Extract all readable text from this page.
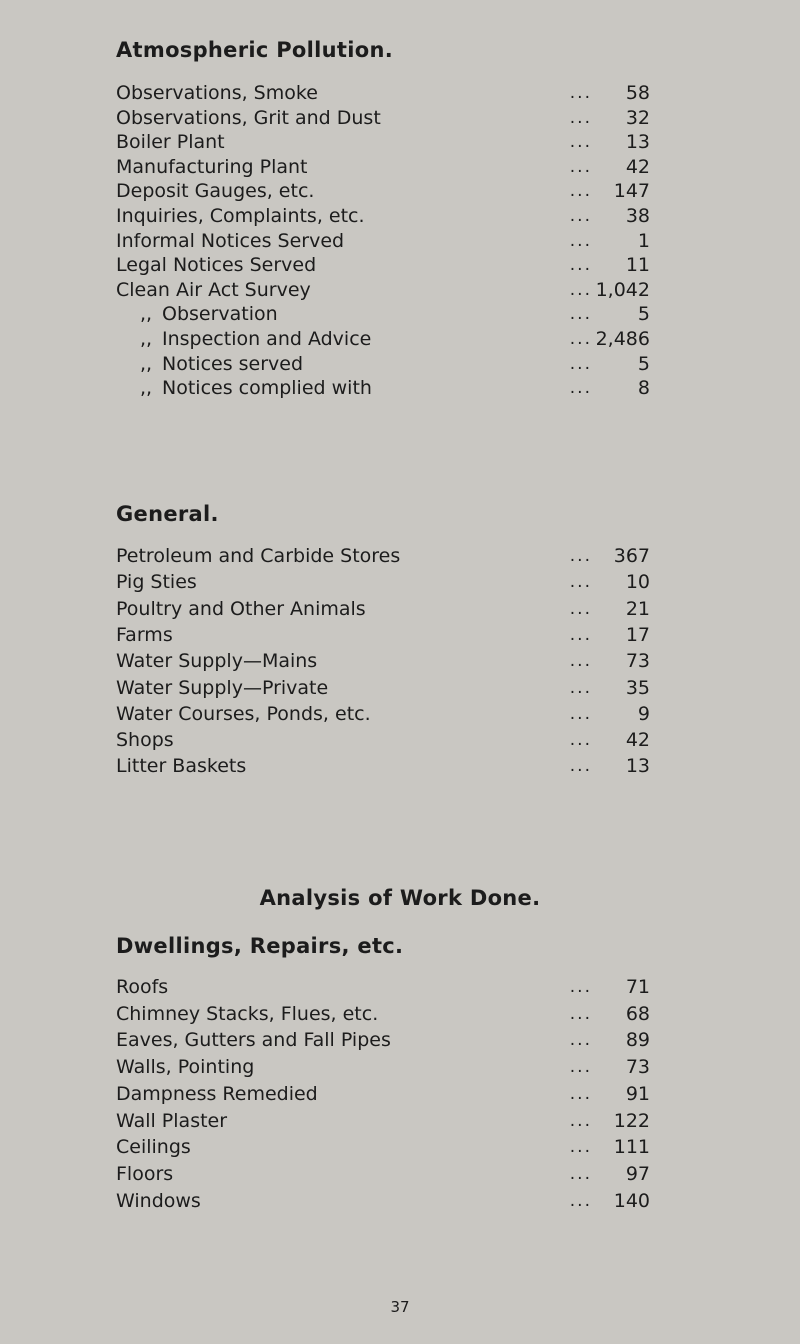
Atmospheric Pollution.
Observations, Smoke	... 58
Observations, Grit and Dust	... 32
Boiler Plant	... 13
Manufacturing Plant	... 42
Deposit Gauges, etc.	... 147
Inquiries, Complaints, etc.	... 38
Informal Notices Served	... 1
Legal Notices Served	... 11
Clean Air Act Survey	... 1,042
,, Observation	... 5
,, Inspection and Advice	... 2,486
,, Notices served	... 5
,, Notices complied with	... 8
General.
Petroleum and Carbide Stores	... 367
Pig Sties	... 10
Poultry and Other Animals	... 21
Farms	... 17
Water Supply—Mains	... 73
Water Supply—Private	... 35
Water Courses, Ponds, etc.	... 9
Shops	... 42
Litter Baskets	... 13
Analysis of Work Done.
Dwellings, Repairs, etc.
Roofs	... 71
Chimney Stacks, Flues, etc.	... 68
Eaves, Gutters and Fall Pipes	... 89
Walls, Pointing	... 73
Dampness Remedied	... 91
Wall Plaster	... 122
Ceilings	... 111
Floors	... 97
Windows	... 140
37
